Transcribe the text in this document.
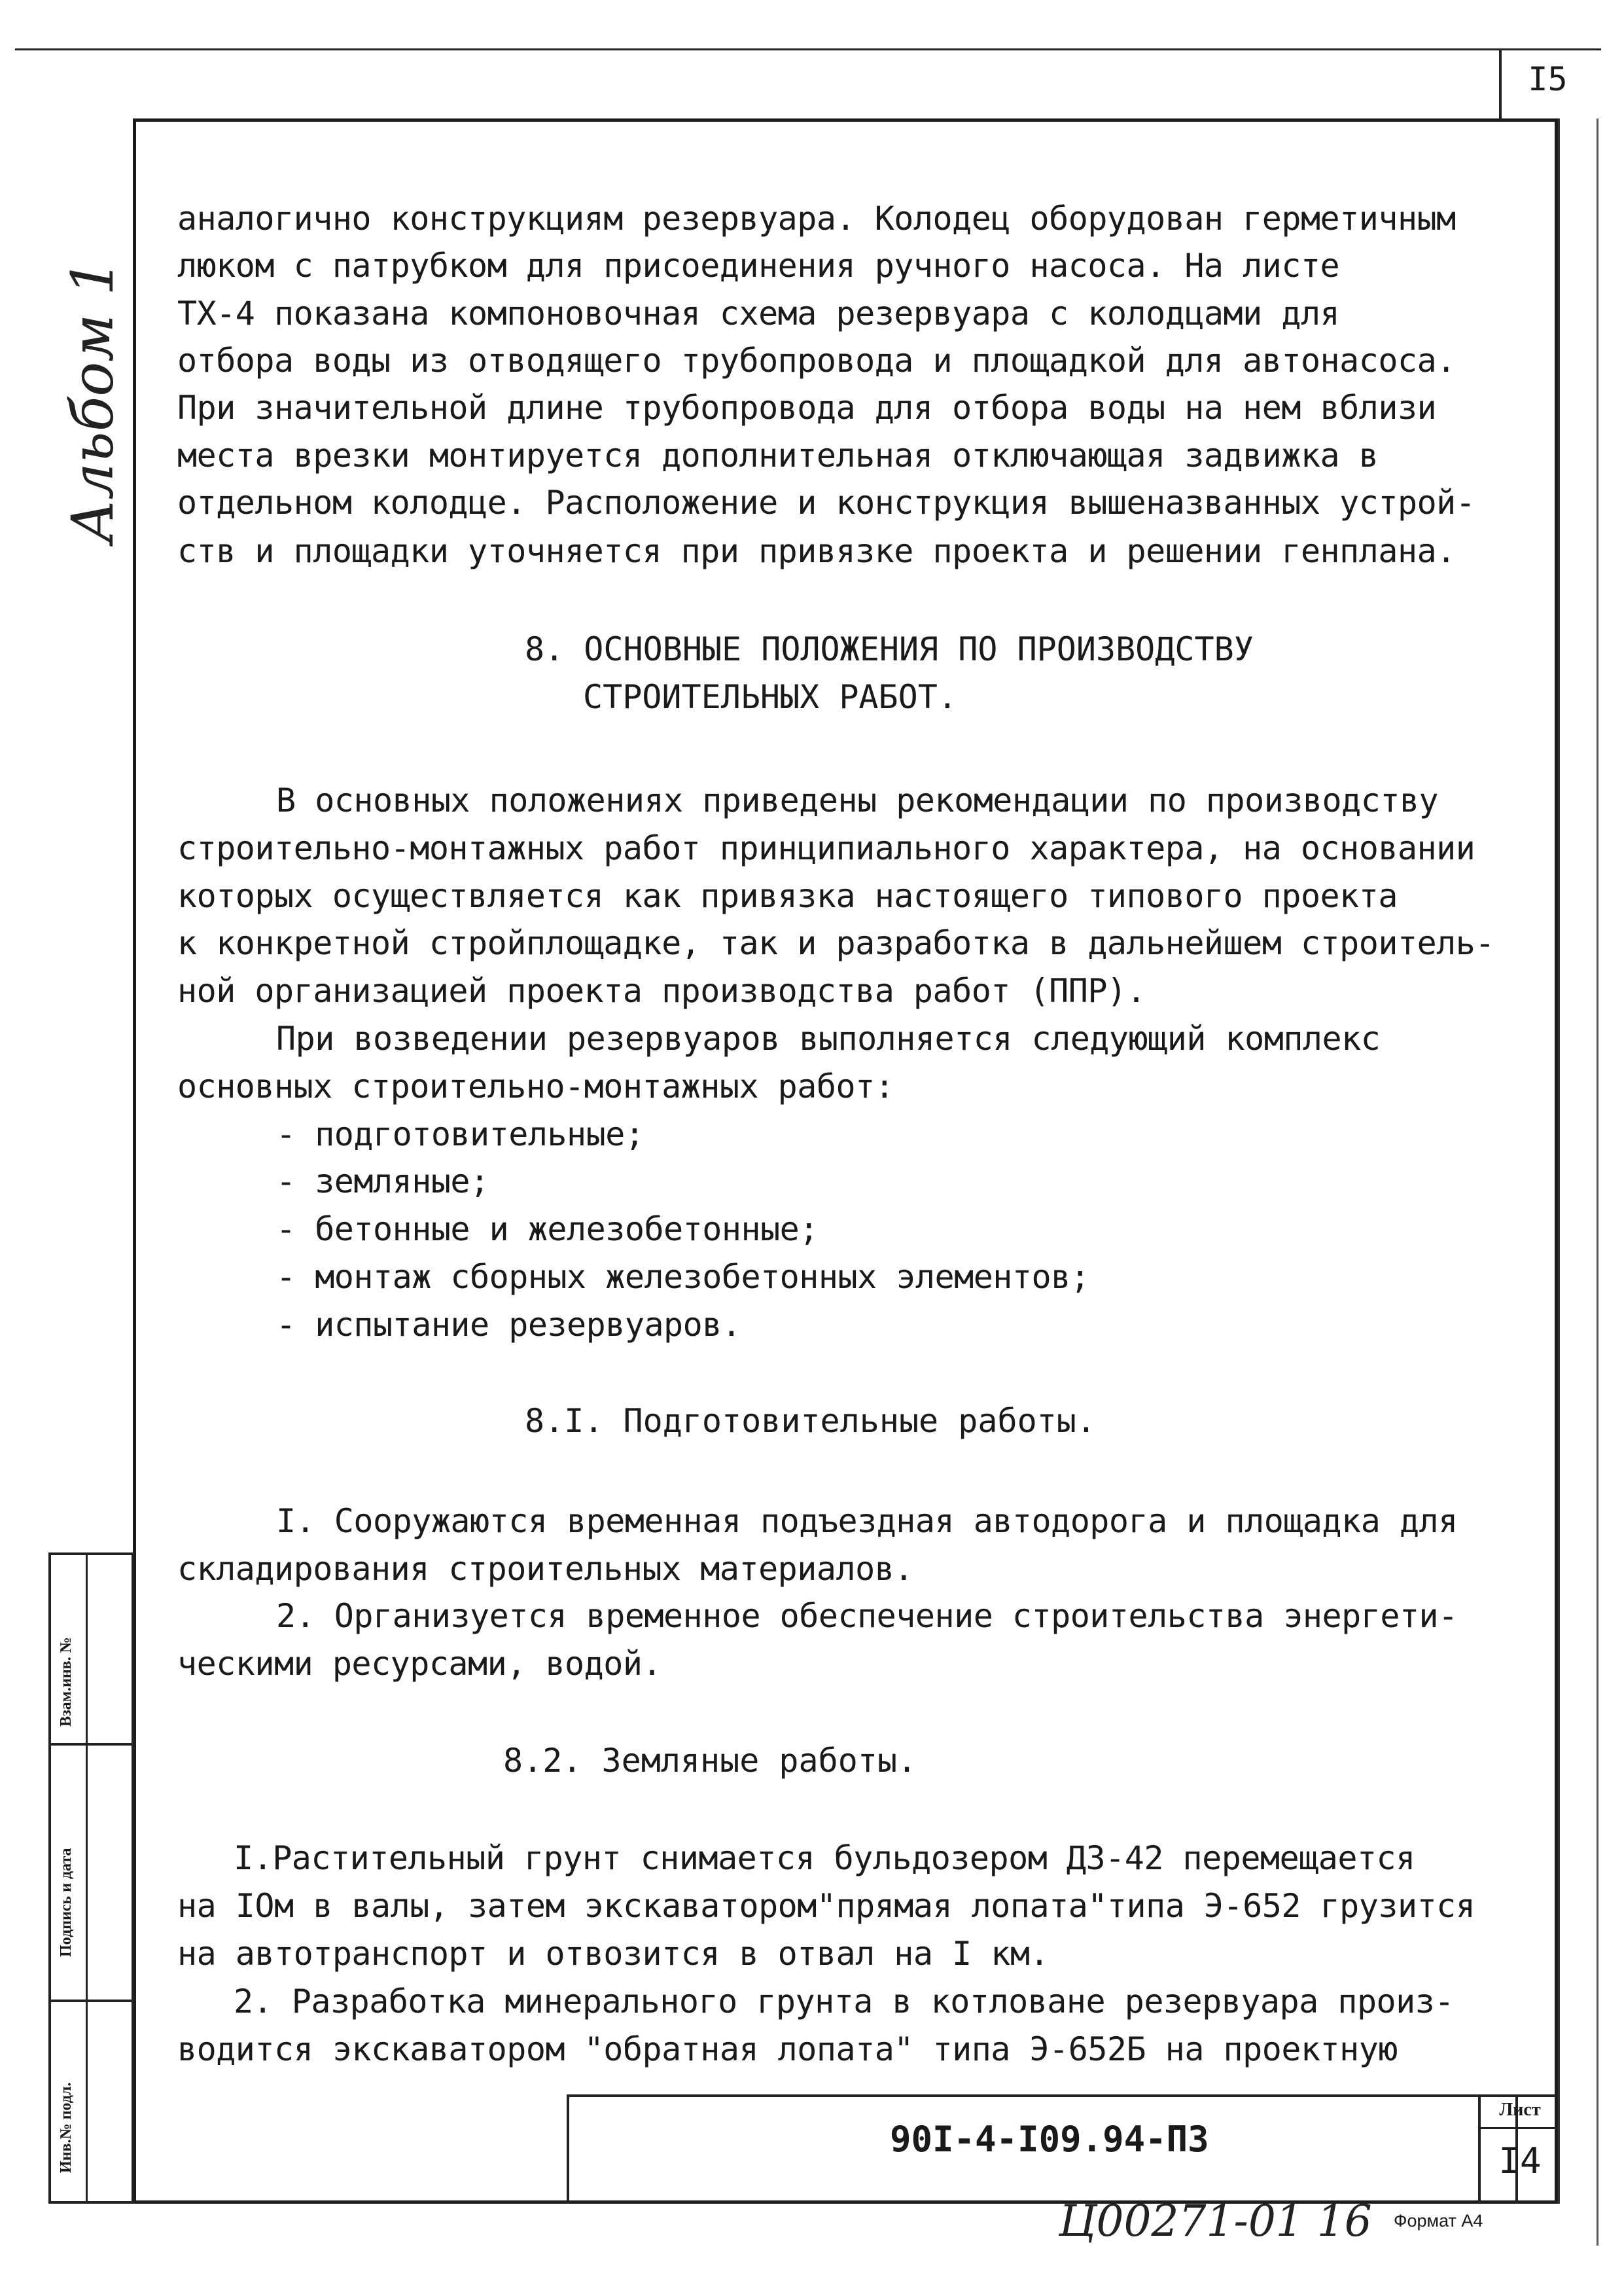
I5
Альбом 1
Взам.инв. №
Подпись и дата
Инв.№ подл.
аналогично конструкциям резервуара. Колодец оборудован герметичным
люком с патрубком для присоединения ручного насоса. На листе
ТХ-4 показана компоновочная схема резервуара с колодцами для
отбора воды из отводящего трубопровода и площадкой для автонасоса.
При значительной длине трубопровода для отбора воды на нем вблизи
места врезки монтируется дополнительная отключающая задвижка в
отдельном колодце. Расположение и конструкция вышеназванных устрой-
ств и площадки уточняется при привязке проекта и решении генплана.
8. ОСНОВНЫЕ ПОЛОЖЕНИЯ ПО ПРОИЗВОДСТВУ
СТРОИТЕЛЬНЫХ РАБОТ.
В основных положениях приведены рекомендации по производству
строительно-монтажных работ принципиального характера, на основании
которых осуществляется как привязка настоящего типового проекта
к конкретной стройплощадке, так и разработка в дальнейшем строитель-
ной организацией проекта производства работ (ППР).
При возведении резервуаров выполняется следующий комплекс
основных строительно-монтажных работ:
- подготовительные;
- земляные;
- бетонные и железобетонные;
- монтаж сборных железобетонных элементов;
- испытание резервуаров.
8.I. Подготовительные работы.
I. Сооружаются временная подъездная автодорога и площадка для
складирования строительных материалов.
2. Организуется временное обеспечение строительства энергети-
ческими ресурсами, водой.
8.2. Земляные работы.
I.Растительный грунт снимается бульдозером ДЗ-42 перемещается
на IОм в валы, затем экскаватором"прямая лопата"типа Э-652 грузится
на автотранспорт и отвозится в отвал на I км.
2. Разработка минерального грунта в котловане резервуара произ-
водится экскаватором "обратная лопата" типа Э-652Б на проектную
90I-4-I09.94-ПЗ
Лист
I4
Ц00271-01 16 Формат А4
